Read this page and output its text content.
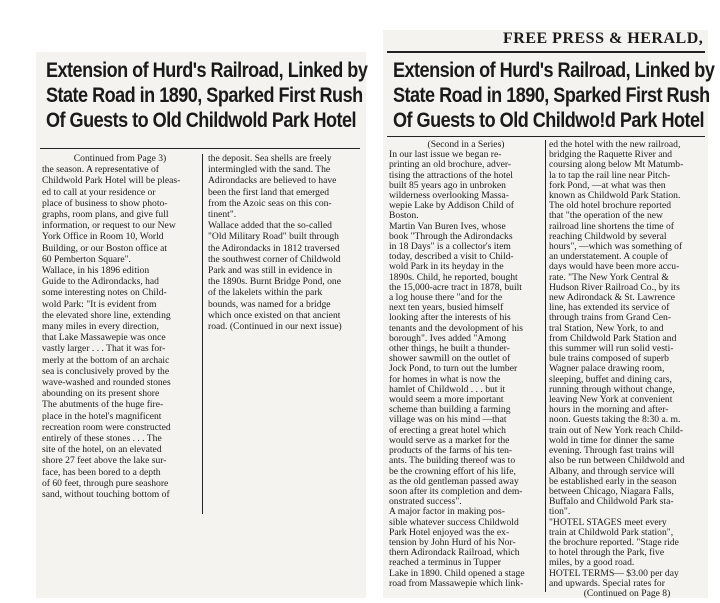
Extension of Hurd's Railroad, Linked by
State Road in 1890, Sparked First Rush
Of Guests to Old Childwold Park Hotel
Continued from Page 3)
the season. A representative of
Childwold Park Hotel will be pleas-
ed to call at your residence or
place of business to show photo-
graphs, room plans, and give full
information, or request to our New
York Office in Room 10, World
Building, or our Boston office at
60 Pemberton Square".
Wallace, in his 1896 edition
Guide to the Adirondacks, had
some interesting notes on Child-
wold Park: "It is evident from
the elevated shore line, extending
many miles in every direction,
that Lake Massawepie was once
vastly larger . . . That it was for-
merly at the bottom of an archaic
sea is conclusively proved by the
wave-washed and rounded stones
abounding on its present shore
The abutments of the huge fire-
place in the hotel's magnificent
recreation room were constructed
entirely of these stones . . . The
site of the hotel, on an elevated
shore 27 feet above the lake sur-
face, has been bored to a depth
of 60 feet, through pure seashore
sand, without touching bottom of
the deposit. Sea shells are freely
intermingled with the sand. The
Adirondacks are believed to have
been the first land that emerged
from the Azoic seas on this con-
tinent".
Wallace added that the so-called
"Old Military Road" built through
the Adirondacks in 1812 traversed
the southwest corner of Childwold
Park and was still in evidence in
the 1890s. Burnt Bridge Pond, one
of the lakelets within the park
bounds, was named for a bridge
which once existed on that ancient
road. (Continued in our next issue)
FREE PRESS & HERALD,
Extension of Hurd's Railroad, Linked by
State Road in 1890, Sparked First Rush
Of Guests to Old Childwo!d Park Hotel
(Second in a Series)
In our last issue we began re-
printing an old brochure, adver-
tising the attractions of the hotel
built 85 years ago in unbroken
wilderness overlooking Massa-
wepie Lake by Addison Child of
Boston.
Martin Van Buren Ives, whose
book "Through the Adirondacks
in 18 Days" is a collector's item
today, described a visit to Child-
wold Park in its heyday in the
1890s. Child, he reported, bought
the 15,000-acre tract in 1878, built
a log house there "and for the
next ten years, busied himself
looking after the interests of his
tenants and the devolopment of his
borough". Ives added "Among
other things, he built a thunder-
shower sawmill on the outlet of
Jock Pond, to turn out the lumber
for homes in what is now the
hamlet of Childwold . . . but it
would seem a more important
scheme than building a farming
village was on his mind —that
of erecting a great hotel which
would serve as a market for the
products of the farms of his ten-
ants. The building thereof was to
be the crowning effort of his life,
as the old gentleman passed away
soon after its completion and dem-
onstrated success".
A major factor in making pos-
sible whatever success Childwold
Park Hotel enjoyed was the ex-
tension by John Hurd of his Nor-
thern Adirondack Railroad, which
reached a terminus in Tupper
Lake in 1890. Child opened a stage
road from Massawepie which link-
ed the hotel with the new railroad,
bridging the Raquette River and
coursing along below Mt Matumb-
la to tap the rail line near Pitch-
fork Pond, —at what was then
known as Childwold Park Station.
The old hotel brochure reported
that "the operation of the new
railroad line shortens the time of
reaching Childwold by several
hours", —which was something of
an understatement. A couple of
days would have been more accu-
rate. "The New York Central &
Hudson River Railroad Co., by its
new Adirondack & St. Lawrence
line, has extended its service of
through trains from Grand Cen-
tral Station, New York, to and
from Childwold Park Station and
this summer will run solid vesti-
bule trains composed of superb
Wagner palace drawing room,
sleeping, buffet and dining cars,
running through without change,
leaving New York at convenient
hours in the morning and after-
noon. Guests taking the 8:30 a. m.
train out of New York reach Child-
wold in time for dinner the same
evening. Through fast trains will
also be run between Childwold and
Albany, and through service will
be established early in the season
between Chicago, Niagara Falls,
Buffalo and Childwold Park sta-
tion".
"HOTEL STAGES meet every
train at Childwold Park station",
the brochure reported. "Stage ride
to hotel through the Park, five
miles, by a good road.
HOTEL TERMS— $3.00 per day
and upwards. Special rates for
(Continued on Page 8)
